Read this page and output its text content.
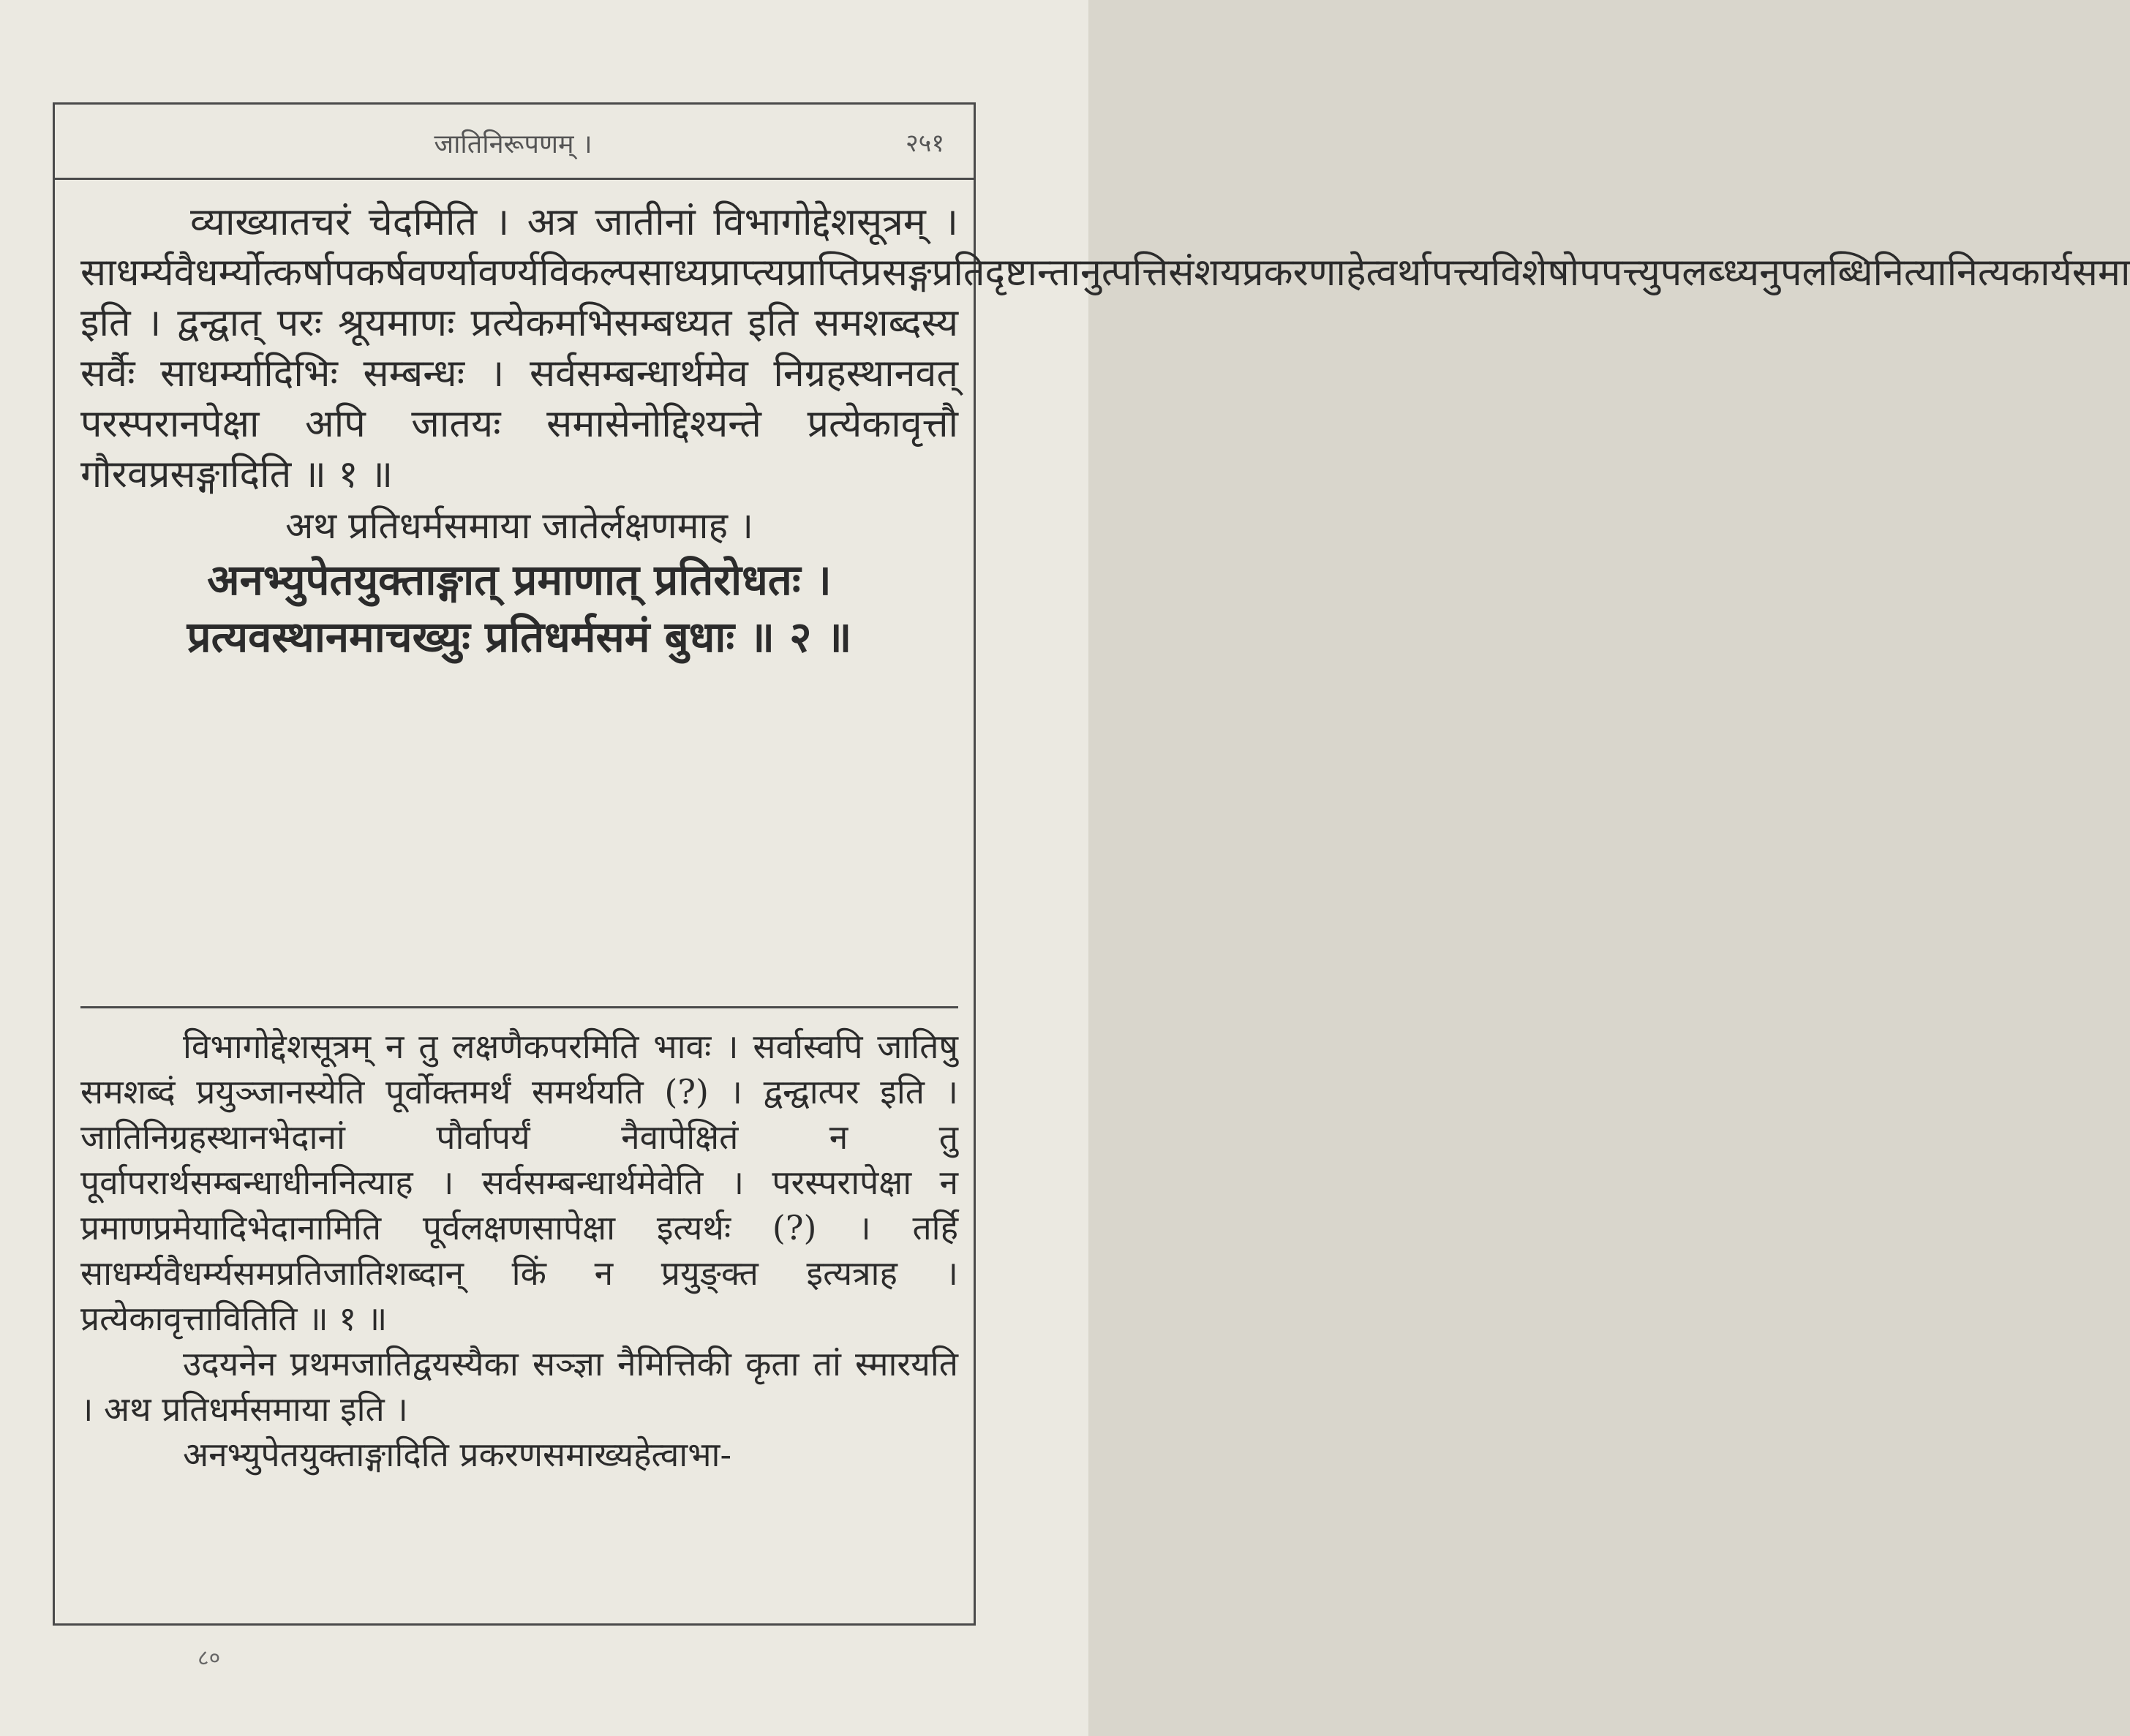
जातिनिरूपणम् ।	२५१

व्याख्यातचरं चेदमिति । अत्र जातीनां विभागोद्देशसूत्रम् । साधर्म्यवैधर्म्योत्कर्षापकर्षवर्ण्यावर्ण्यविकल्पसाध्यप्राप्त्यप्राप्तिप्रसङ्गप्रतिदृष्टान्तानुत्पत्तिसंशयप्रकरणाहेत्वर्थापत्त्यविशेषोपपत्त्युपलब्ध्यनुपलब्धिनित्यानित्यकार्यसमा इति । द्वन्द्वात् परः श्रूयमाणः प्रत्येकमभिसम्बध्यत इति समशब्दस्य सर्वैः साधर्म्यादिभिः सम्बन्धः । सर्वसम्बन्धार्थमेव निग्रहस्थानवत् परस्परानपेक्षा अपि जातयः समासेनोद्दिश्यन्ते प्रत्येकावृत्तौ गौरवप्रसङ्गादिति ॥ १ ॥

अथ प्रतिधर्मसमाया जातेर्लक्षणमाह ।

अनभ्युपेतयुक्ताङ्गात् प्रमाणात् प्रतिरोधतः ।

प्रत्यवस्थानमाचख्युः प्रतिधर्मसमं बुधाः ॥ २ ॥

विभागोद्देशसूत्रम् न तु लक्षणैकपरमिति भावः । सर्वास्वपि जातिषु समशब्दं प्रयुञ्जानस्येति पूर्वोक्तमर्थं समर्थयति (?) । द्वन्द्वात्पर इति । जातिनिग्रहस्थानभेदानां पौर्वापर्यं नैवापेक्षितं न तु पूर्वापरार्थसम्बन्धाधीननित्याह । सर्वसम्बन्धार्थमेवेति । परस्परापेक्षा न प्रमाणप्रमेयादिभेदानामिति पूर्वलक्षणसापेक्षा इत्यर्थः (?) । तर्हि साधर्म्यवैधर्म्यसमप्रतिजातिशब्दान् किं न प्रयुङ्क्त इत्यत्राह । प्रत्येकावृत्तावितिति ॥ १ ॥

उदयनेन प्रथमजातिद्वयस्यैका सञ्ज्ञा नैमित्तिकी कृता तां स्मारयति । अथ प्रतिधर्मसमाया इति ।

अनभ्युपेतयुक्ताङ्गादिति प्रकरणसमाख्यहेत्वाभा-

८०
